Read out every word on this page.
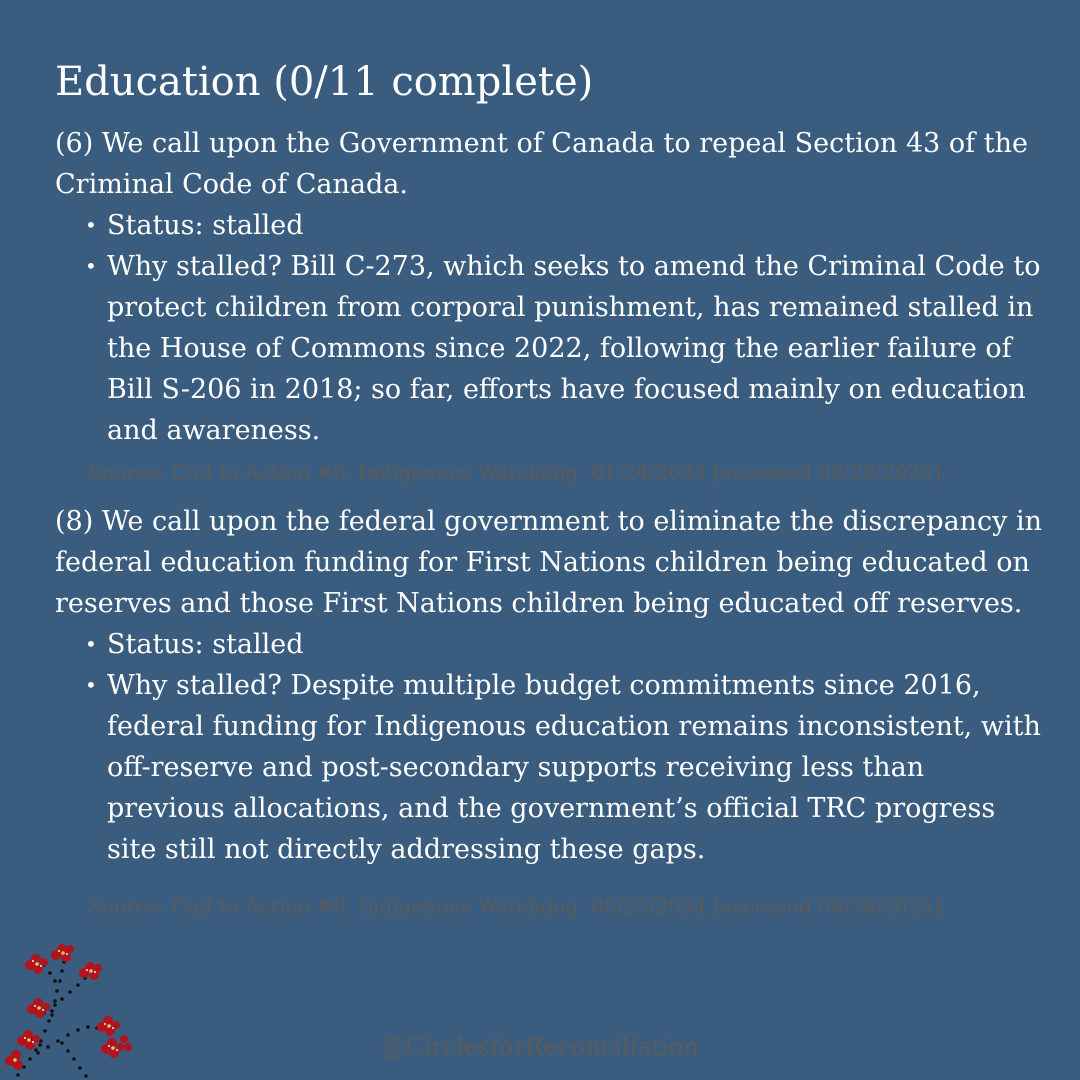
Education (0/11 complete)

(6) We call upon the Government of Canada to repeal Section 43 of the Criminal Code of Canada.

• Status: stalled
• Why stalled? Bill C-273, which seeks to amend the Criminal Code to protect children from corporal punishment, has remained stalled in the House of Commons since 2022, following the earlier failure of Bill S-206 in 2018; so far, efforts have focused mainly on education and awareness.
Source: Call to Action #6. Indigenous Watchdog. 01/24/2023 [accessed 08/28/2025].

(8) We call upon the federal government to eliminate the discrepancy in federal education funding for First Nations children being educated on reserves and those First Nations children being educated off reserves.

• Status: stalled
• Why stalled? Despite multiple budget commitments since 2016, federal funding for Indigenous education remains inconsistent, with off-reserve and post-secondary supports receiving less than previous allocations, and the government’s official TRC progress site still not directly addressing these gaps.
Source: Call to Action #8. Indigenous Watchdog. 08/23/2024 [accessed 08/28/2025].
@CirclesforReconciliation
